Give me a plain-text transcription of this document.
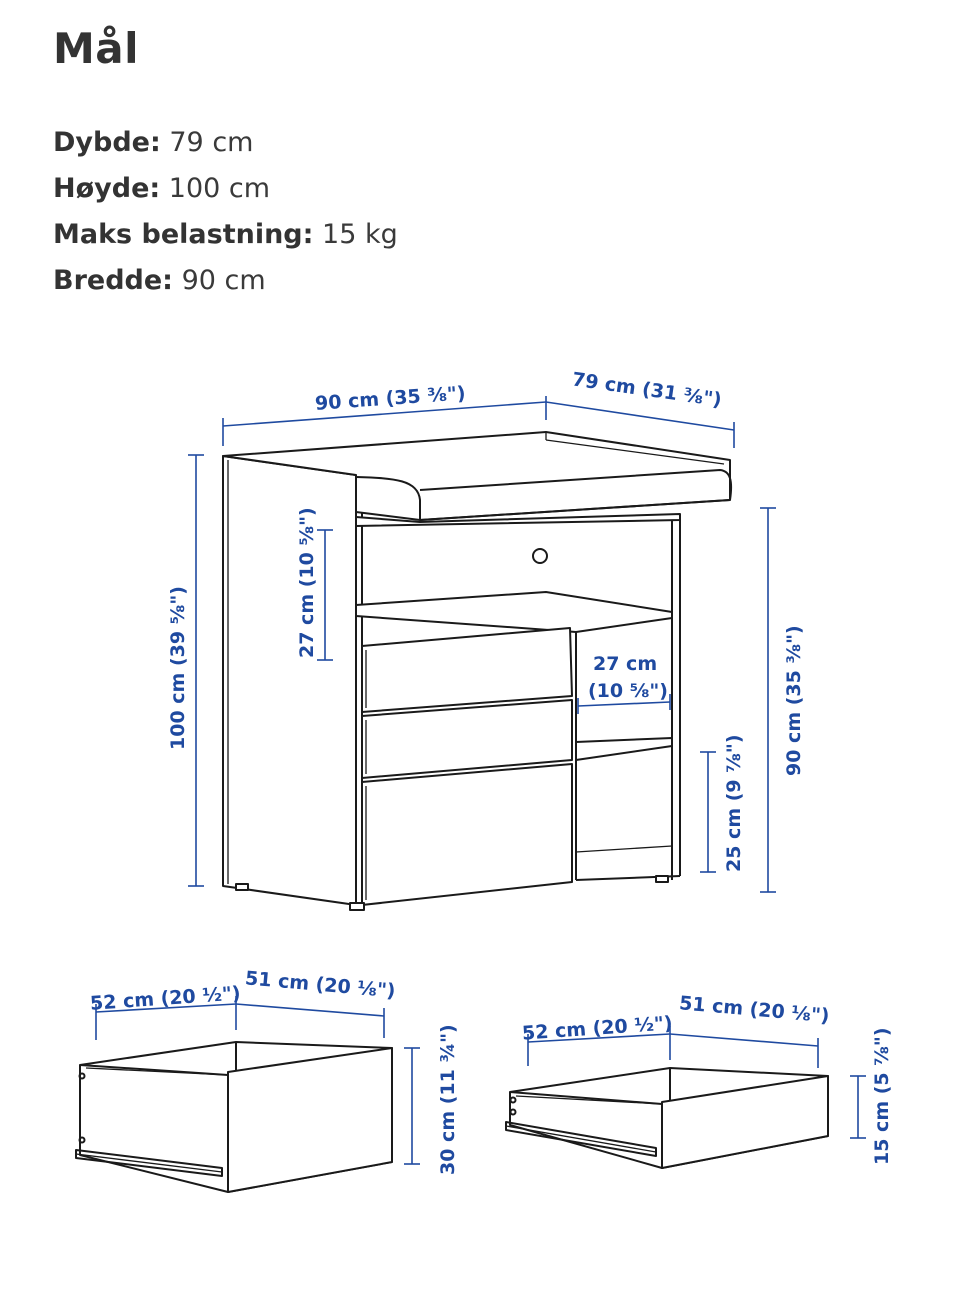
Mål

Dybde: 79 cm

Høyde: 100 cm

Maks belastning: 15 kg

Bredde: 90 cm

90 cm (35 ⅜")	79 cm (31 ⅜")
100 cm (39 ⅝")
27 cm (10 ⅝")
27 cm
(10 ⅝")
25 cm (9 ⅞")
90 cm (35 ⅜")
52 cm (20 ½") 51 cm (20 ⅛")
30 cm (11 ¾")	52 cm (20 ½")
51 cm (20 ⅛")
15 cm (5 ⅞")
